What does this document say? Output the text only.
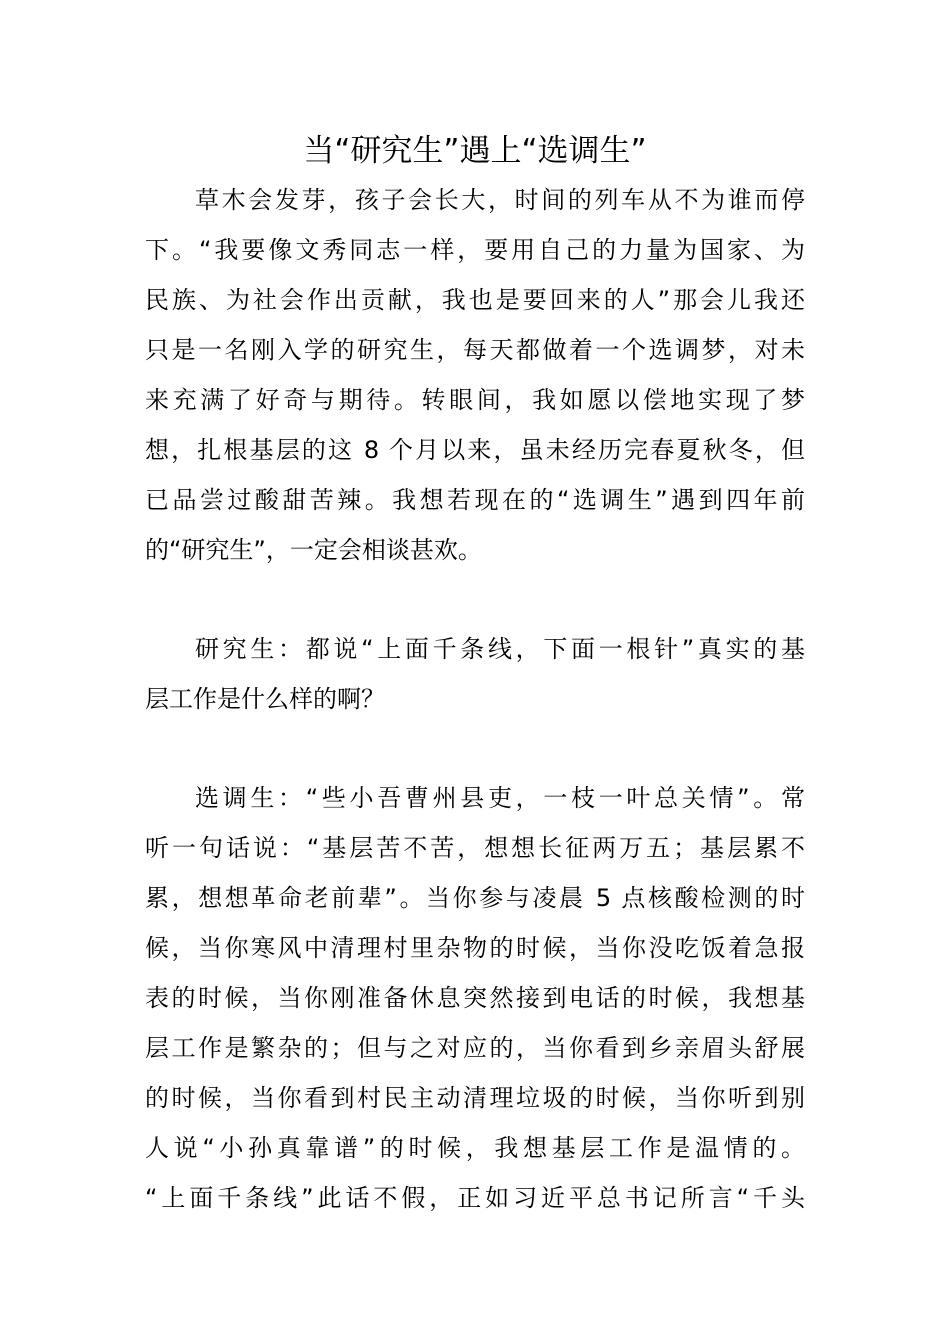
当“研究生”遇上“选调生”

草木会发芽，孩子会长大，时间的列车从不为谁而停

下。“我要像文秀同志一样，要用自己的力量为国家、为

民族、为社会作出贡献，我也是要回来的人”那会儿我还

只是一名刚入学的研究生，每天都做着一个选调梦，对未

来充满了好奇与期待。转眼间，我如愿以偿地实现了梦

想，扎根基层的这 8 个月以来，虽未经历完春夏秋冬，但

已品尝过酸甜苦辣。我想若现在的“选调生”遇到四年前

的“研究生”，一定会相谈甚欢。

研究生：都说“上面千条线，下面一根针”真实的基

层工作是什么样的啊？

选调生：“些小吾曹州县吏，一枝一叶总关情”。常

听一句话说：“基层苦不苦，想想长征两万五；基层累不

累，想想革命老前辈”。当你参与凌晨 5 点核酸检测的时

候，当你寒风中清理村里杂物的时候，当你没吃饭着急报

表的时候，当你刚准备休息突然接到电话的时候，我想基

层工作是繁杂的；但与之对应的，当你看到乡亲眉头舒展

的时候，当你看到村民主动清理垃圾的时候，当你听到别

人说“小孙真靠谱”的时候，我想基层工作是温情的。

“上面千条线”此话不假，正如习近平总书记所言“千头
